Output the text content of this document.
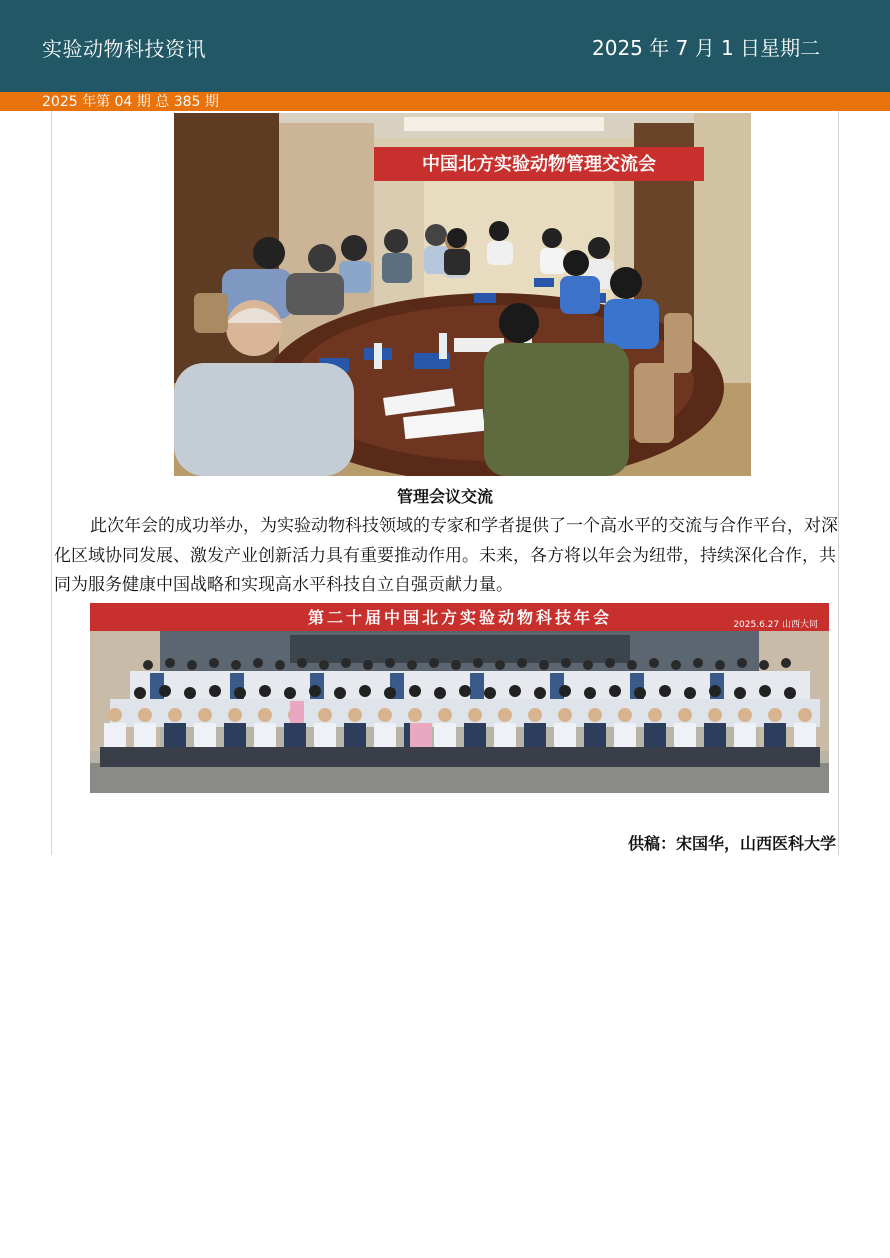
实验动物科技资讯	2025 年 7 月 1 日星期二
2025 年第 04 期 总 385 期
中国北方实验动物管理交流会
管理会议交流

此次年会的成功举办，为实验动物科技领域的专家和学者提供了一个高水平的交流与合作平台，对深化区域协同发展、激发产业创新活力具有重要推动作用。未来，各方将以年会为纽带，持续深化合作，共同为服务健康中国战略和实现高水平科技自立自强贡献力量。

第二十届中国北方实验动物科技年会	2025.6.27 山西大同
供稿：宋国华，山西医科大学
